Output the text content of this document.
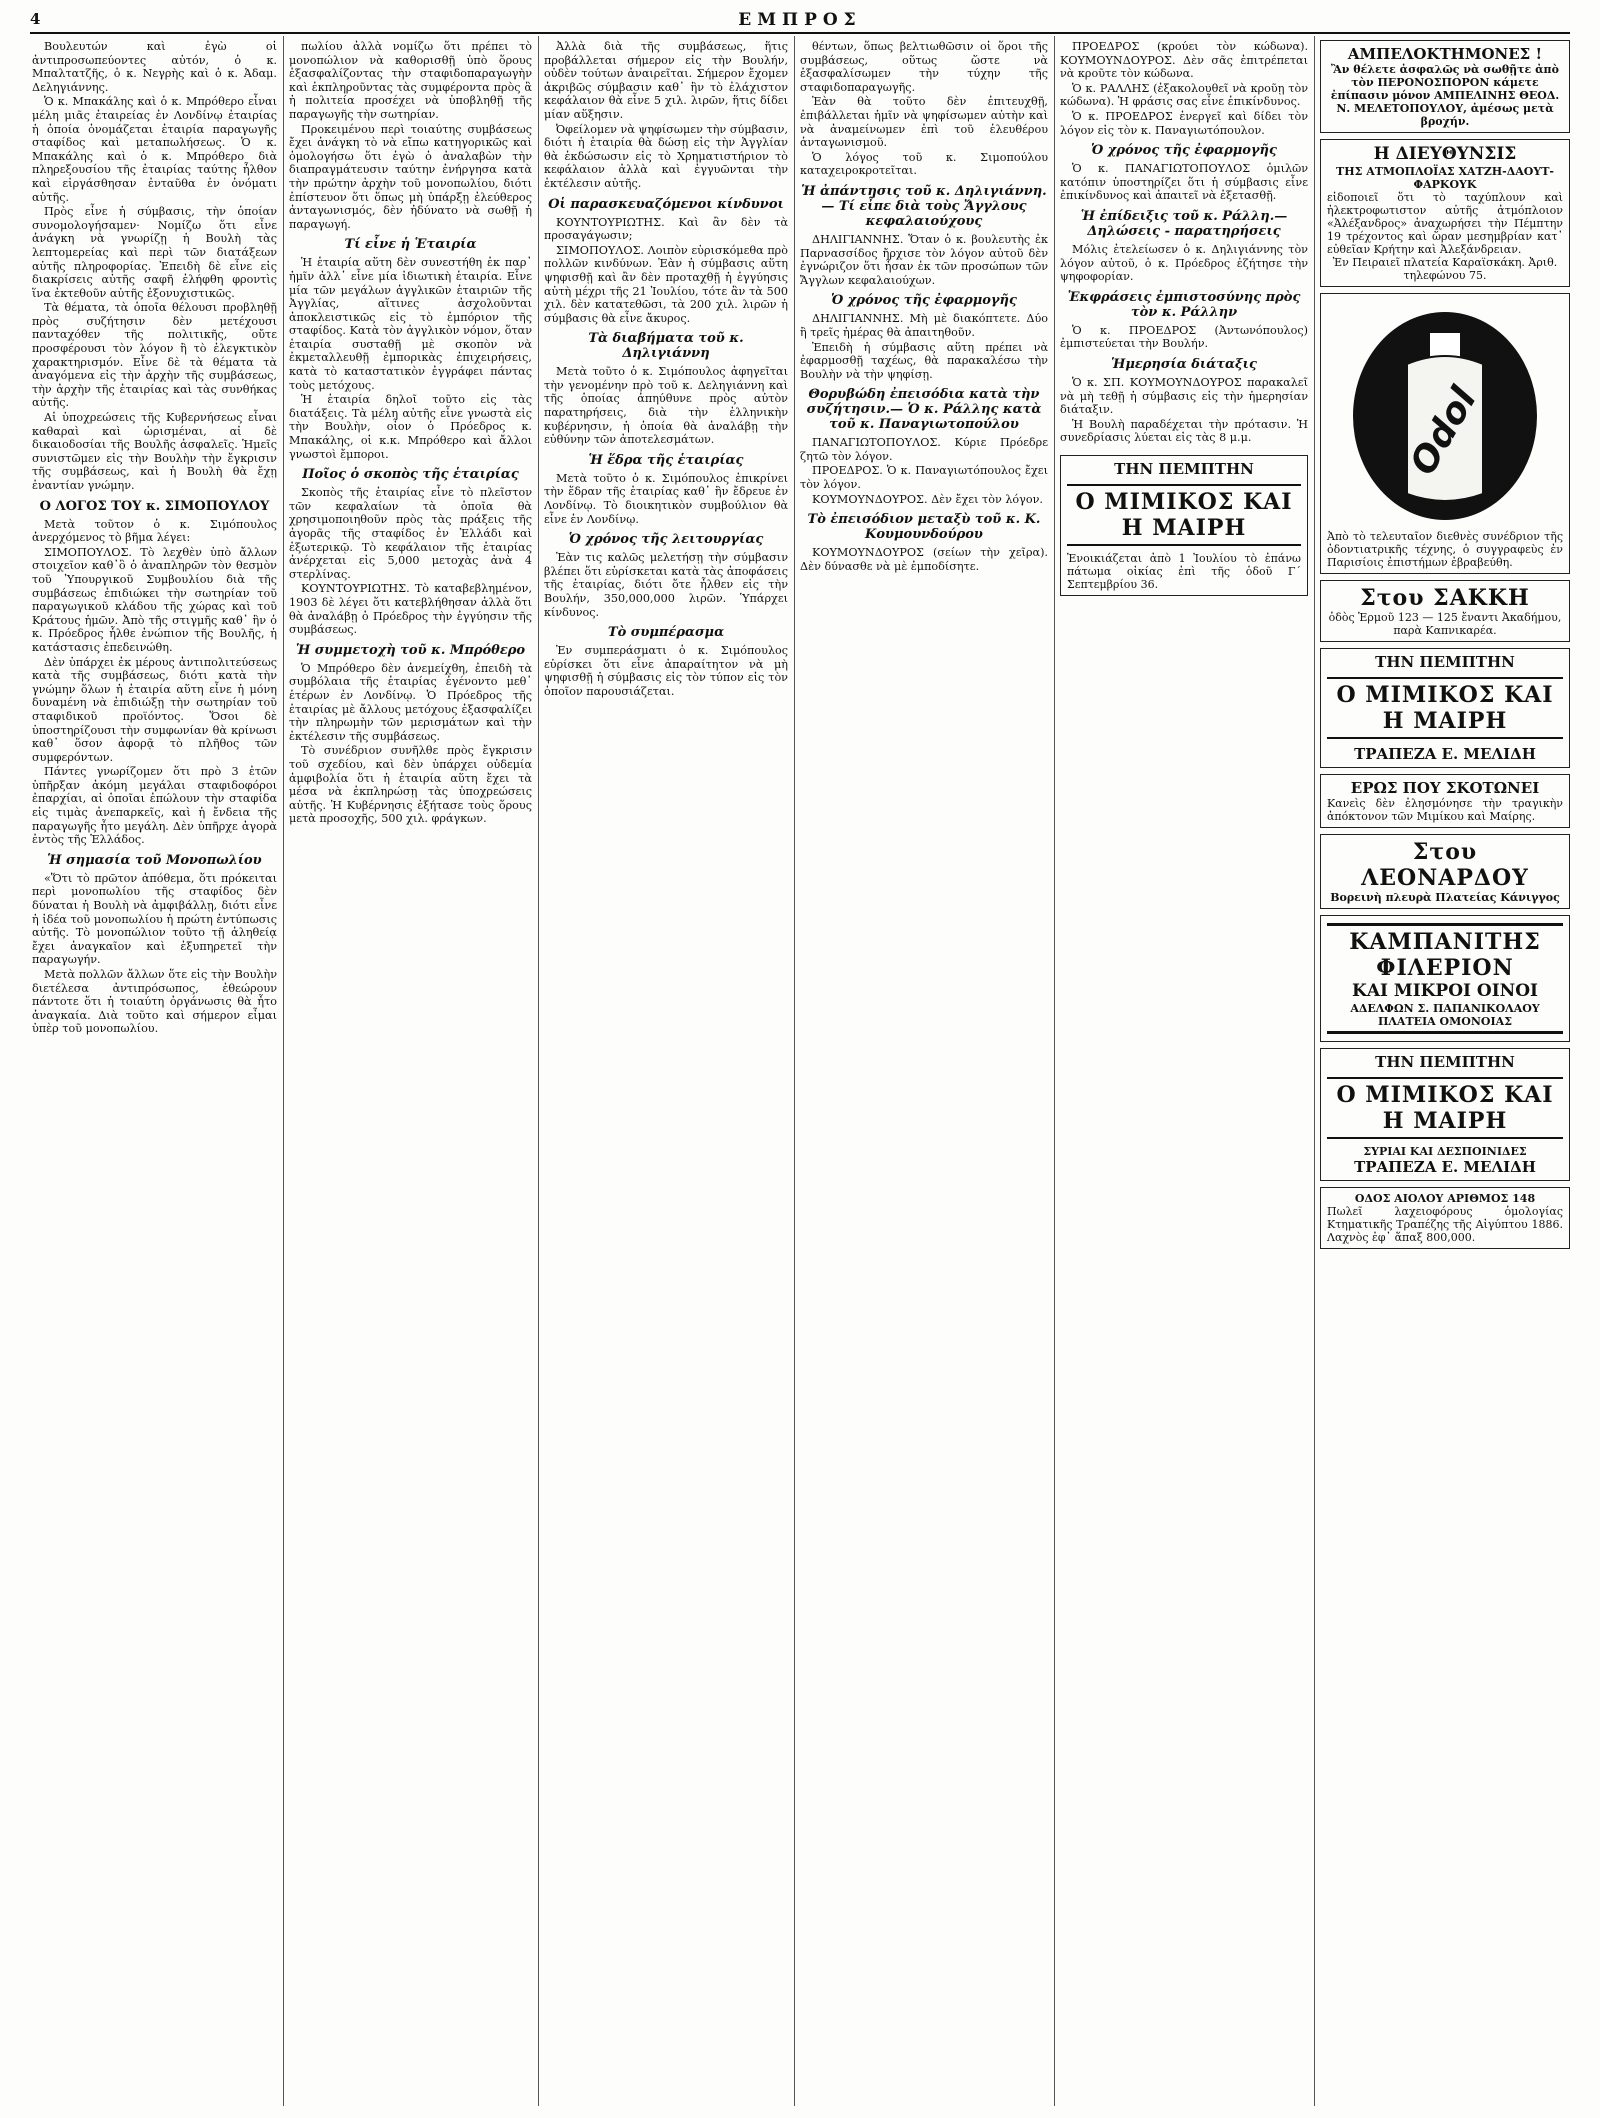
4	ΕΜΠΡΟΣ

Βουλευτών καὶ ἐγὼ οἱ ἀντιπροσωπεύοντες αὐτόν, ὁ κ. Μπαλτατζῆς, ὁ κ. Νεγρὴς καὶ ὁ κ. Ἀδαμ. Δεληγιάννης.

Ὁ κ. Μπακάλης καὶ ὁ κ. Μπρόθερο εἶναι μέλη μιᾶς ἐταιρείας ἐν Λονδίνῳ ἐταιρίας ἡ ὁποία ὀνομάζεται ἐταιρία παραγωγῆς σταφίδος καὶ μεταπωλήσεως. Ὁ κ. Μπακάλης καὶ ὁ κ. Μπρόθερο διὰ πληρεξουσίου τῆς ἐταιρίας ταύτης ἦλθον καὶ εἰργάσθησαν ἐνταῦθα ἐν ὀνόματι αὐτῆς.

Πρὸς εἶνε ἡ σύμβασις, τὴν ὁποίαν συνομολογήσαμεν· Νομίζω ὅτι εἶνε ἀνάγκη νὰ γνωρίζῃ ἡ Βουλὴ τὰς λεπτομερείας καὶ περὶ τῶν διατάξεων αὐτῆς πληροφορίας. Ἐπειδὴ δὲ εἶνε εἰς διακρίσεις αὐτῆς σαφῆ ἐλήφθη φροντὶς ἵνα ἐκτεθοῦν αὐτῆς ἐξονυχιστικῶς.

Τὰ θέματα, τὰ ὁποῖα θέλουσι προβληθῇ πρὸς συζήτησιν δὲν μετέχουσι πανταχόθεν τῆς πολιτικῆς, οὔτε προσφέρουσι τὸν λόγον ἢ τὸ ἐλεγκτικὸν χαρακτηρισμόν. Εἶνε δὲ τὰ θέματα τὰ ἀναγόμενα εἰς τὴν ἀρχὴν τῆς συμβάσεως, τὴν ἀρχὴν τῆς ἐταιρίας καὶ τὰς συνθήκας αὐτῆς.

Αἱ ὑποχρεώσεις τῆς Κυβερνήσεως εἶναι καθαραὶ καὶ ὡρισμέναι, αἱ δὲ δικαιοδοσίαι τῆς Βουλῆς ἀσφαλεῖς. Ἡμεῖς συνιστῶμεν εἰς τὴν Βουλὴν τὴν ἔγκρισιν τῆς συμβάσεως, καὶ ἡ Βουλὴ θὰ ἔχῃ ἐναντίαν γνώμην.

Ο ΛΟΓΟΣ ΤΟΥ κ. ΣΙΜΟΠΟΥΛΟΥ

Μετὰ τοῦτον ὁ κ. Σιμόπουλος ἀνερχόμενος τὸ βῆμα λέγει:

ΣΙΜΟΠΟΥΛΟΣ. Τὸ λεχθὲν ὑπὸ ἄλλων στοιχεῖον καθ᾽ὃ ὁ ἀναπληρῶν τὸν θεσμὸν τοῦ Ὑπουργικοῦ Συμβουλίου διὰ τῆς συμβάσεως ἐπιδιώκει τὴν σωτηρίαν τοῦ παραγωγικοῦ κλάδου τῆς χώρας καὶ τοῦ Κράτους ἡμῶν. Ἀπὸ τῆς στιγμῆς καθ᾽ ἣν ὁ κ. Πρόεδρος ἦλθε ἐνώπιον τῆς Βουλῆς, ἡ κατάστασις ἐπεδεινώθη.

Δὲν ὑπάρχει ἐκ μέρους ἀντιπολιτεύσεως κατὰ τῆς συμβάσεως, διότι κατὰ τὴν γνώμην ὅλων ἡ ἐταιρία αὕτη εἶνε ἡ μόνη δυναμένη νὰ ἐπιδιώξῃ τὴν σωτηρίαν τοῦ σταφιδικοῦ προϊόντος. Ὅσοι δὲ ὑποστηρίζουσι τὴν συμφωνίαν θὰ κρίνωσι καθ᾽ ὅσον ἀφορᾷ τὸ πλῆθος τῶν συμφερόντων.

Πάντες γνωρίζομεν ὅτι πρὸ 3 ἐτῶν ὑπῆρξαν ἀκόμη μεγάλαι σταφιδοφόροι ἐπαρχίαι, αἱ ὁποῖαι ἐπώλουν τὴν σταφίδα εἰς τιμὰς ἀνεπαρκεῖς, καὶ ἡ ἔνδεια τῆς παραγωγῆς ἦτο μεγάλη. Δὲν ὑπῆρχε ἀγορὰ ἐντὸς τῆς Ἑλλάδος.

Ἡ σημασία τοῦ Μονοπωλίου

«Ὅτι τὸ πρῶτον ἀπόθεμα, ὅτι πρόκειται περὶ μονοπωλίου τῆς σταφίδος δὲν δύναται ἡ Βουλὴ νὰ ἀμφιβάλλῃ, διότι εἶνε ἡ ἰδέα τοῦ μονοπωλίου ἡ πρώτη ἐντύπωσις αὐτῆς. Τὸ μονοπώλιον τοῦτο τῇ ἀληθείᾳ ἔχει ἀναγκαῖον καὶ ἐξυπηρετεῖ τὴν παραγωγήν.

Μετὰ πολλῶν ἄλλων ὅτε εἰς τὴν Βουλὴν διετέλεσα ἀντιπρόσωπος, ἐθεώρουν πάντοτε ὅτι ἡ τοιαύτη ὀργάνωσις θὰ ἦτο ἀναγκαία. Διὰ τοῦτο καὶ σήμερον εἶμαι ὑπὲρ τοῦ μονοπωλίου.

πωλίου ἀλλὰ νομίζω ὅτι πρέπει τὸ μονοπώλιον νὰ καθορισθῇ ὑπὸ ὅρους ἐξασφαλίζοντας τὴν σταφιδοπαραγωγὴν καὶ ἐκπληροῦντας τὰς συμφέροντα πρὸς ἃ ἡ πολιτεία προσέχει νὰ ὑποβληθῇ τῆς παραγωγῆς τὴν σωτηρίαν.

Προκειμένου περὶ τοιαύτης συμβάσεως ἔχει ἀνάγκη τὸ νὰ εἴπω κατηγορικῶς καὶ ὁμολογήσω ὅτι ἐγὼ ὁ ἀναλαβὼν τὴν διαπραγμάτευσιν ταύτην ἐνήργησα κατὰ τὴν πρώτην ἀρχὴν τοῦ μονοπωλίου, διότι ἐπίστευον ὅτι ὅπως μὴ ὑπάρξῃ ἐλεύθερος ἀνταγωνισμός, δὲν ἠδύνατο νὰ σωθῇ ἡ παραγωγή.

Τί εἶνε ἡ Ἑταιρία

Ἡ ἑταιρία αὕτη δὲν συνεστήθη ἐκ παρ᾽ ἡμῖν ἀλλ᾽ εἶνε μία ἰδιωτικὴ ἑταιρία. Εἶνε μία τῶν μεγάλων ἀγγλικῶν ἑταιριῶν τῆς Ἀγγλίας, αἵτινες ἀσχολοῦνται ἀποκλειστικῶς εἰς τὸ ἐμπόριον τῆς σταφίδος. Κατὰ τὸν ἀγγλικὸν νόμον, ὅταν ἐταιρία συσταθῇ μὲ σκοπὸν νὰ ἐκμεταλλευθῇ ἐμπορικὰς ἐπιχειρήσεις, κατὰ τὸ καταστατικὸν ἐγγράφει πάντας τοὺς μετόχους.

Ἡ ἑταιρία δηλοῖ τοῦτο εἰς τὰς διατάξεις. Τὰ μέλη αὐτῆς εἶνε γνωστὰ εἰς τὴν Βουλὴν, οἷον ὁ Πρόεδρος κ. Μπακάλης, οἱ κ.κ. Μπρόθερο καὶ ἄλλοι γνωστοὶ ἔμποροι.

Ποῖος ὁ σκοπὸς τῆς ἑταιρίας

Σκοπὸς τῆς ἑταιρίας εἶνε τὸ πλεῖστον τῶν κεφαλαίων τὰ ὁποῖα θὰ χρησιμοποιηθοῦν πρὸς τὰς πράξεις τῆς ἀγορᾶς τῆς σταφίδος ἐν Ἑλλάδι καὶ ἐξωτερικῷ. Τὸ κεφάλαιον τῆς ἑταιρίας ἀνέρχεται εἰς 5,000 μετοχὰς ἀνὰ 4 στερλίνας.

ΚΟΥΝΤΟΥΡΙΩΤΗΣ. Τὸ καταβεβλημένον, 1903 δὲ λέγει ὅτι κατεβλήθησαν ἀλλὰ ὅτι θὰ ἀναλάβῃ ὁ Πρόεδρος τὴν ἐγγύησιν τῆς συμβάσεως.

Ἡ συμμετοχὴ τοῦ κ. Μπρόθερο

Ὁ Μπρόθερο δὲν ἀνεμείχθη, ἐπειδὴ τὰ συμβόλαια τῆς ἐταιρίας ἐγένοντο μεθ᾽ ἑτέρων ἐν Λονδίνῳ. Ὁ Πρόεδρος τῆς ἐταιρίας μὲ ἄλλους μετόχους ἐξασφαλίζει τὴν πληρωμὴν τῶν μερισμάτων καὶ τὴν ἐκτέλεσιν τῆς συμβάσεως.

Τὸ συνέδριον συνῆλθε πρὸς ἔγκρισιν τοῦ σχεδίου, καὶ δὲν ὑπάρχει οὐδεμία ἀμφιβολία ὅτι ἡ ἑταιρία αὕτη ἔχει τὰ μέσα νὰ ἐκπληρώσῃ τὰς ὑποχρεώσεις αὐτῆς. Ἡ Κυβέρνησις ἐξήτασε τοὺς ὅρους μετὰ προσοχῆς, 500 χιλ. φράγκων.

Ἀλλὰ διὰ τῆς συμβάσεως, ἥτις προβάλλεται σήμερον εἰς τὴν Βουλήν, οὐδὲν τούτων ἀναιρεῖται. Σήμερον ἔχομεν ἀκριβῶς σύμβασιν καθ᾽ ἣν τὸ ἐλάχιστον κεφάλαιον θὰ εἶνε 5 χιλ. λιρῶν, ἥτις δίδει μίαν αὕξησιν.

Ὀφείλομεν νὰ ψηφίσωμεν τὴν σύμβασιν, διότι ἡ ἑταιρία θὰ δώσῃ εἰς τὴν Ἀγγλίαν θὰ ἐκδώσωσιν εἰς τὸ Χρηματιστήριον τὸ κεφάλαιον ἀλλὰ καὶ ἐγγυῶνται τὴν ἐκτέλεσιν αὐτῆς.

Οἱ παρασκευαζόμενοι κίνδυνοι

ΚΟΥΝΤΟΥΡΙΩΤΗΣ. Καὶ ἂν δὲν τὰ προσαγάγωσιν;

ΣΙΜΟΠΟΥΛΟΣ. Λοιπὸν εὑρισκόμεθα πρὸ πολλῶν κινδύνων. Ἐὰν ἡ σύμβασις αὕτη ψηφισθῇ καὶ ἂν δὲν προταχθῇ ἡ ἐγγύησις αὐτὴ μέχρι τῆς 21 Ἰουλίου, τότε ἂν τὰ 500 χιλ. δὲν κατατεθῶσι, τὰ 200 χιλ. λιρῶν ἡ σύμβασις θὰ εἶνε ἄκυρος.

Τὰ διαβήματα τοῦ κ. Δηλιγιάννη

Μετὰ τοῦτο ὁ κ. Σιμόπουλος ἀφηγεῖται τὴν γενομένην πρὸ τοῦ κ. Δεληγιάννη καὶ τῆς ὁποίας ἀπηύθυνε πρὸς αὐτὸν παρατηρήσεις, διὰ τὴν ἑλληνικὴν κυβέρνησιν, ἡ ὁποία θὰ ἀναλάβῃ τὴν εὐθύνην τῶν ἀποτελεσμάτων.

Ἡ ἕδρα τῆς ἑταιρίας

Μετὰ τοῦτο ὁ κ. Σιμόπουλος ἐπικρίνει τὴν ἕδραν τῆς ἑταιρίας καθ᾽ ἣν ἔδρευε ἐν Λονδίνῳ. Τὸ διοικητικὸν συμβούλιον θὰ εἶνε ἐν Λονδίνῳ.

Ὁ χρόνος τῆς λειτουργίας

Ἐὰν τις καλῶς μελετήσῃ τὴν σύμβασιν βλέπει ὅτι εὑρίσκεται κατὰ τὰς ἀποφάσεις τῆς ἑταιρίας, διότι ὅτε ἦλθεν εἰς τὴν Βουλήν, 350,000,000 λιρῶν. Ὑπάρχει κίνδυνος.

Τὸ συμπέρασμα

Ἐν συμπεράσματι ὁ κ. Σιμόπουλος εὑρίσκει ὅτι εἶνε ἀπαραίτητον νὰ μὴ ψηφισθῇ ἡ σύμβασις εἰς τὸν τύπον εἰς τὸν ὁποῖον παρουσιάζεται.

θέντων, ὅπως βελτιωθῶσιν οἱ ὅροι τῆς συμβάσεως, οὕτως ὥστε νὰ ἐξασφαλίσωμεν τὴν τύχην τῆς σταφιδοπαραγωγῆς.

Ἐὰν θὰ τοῦτο δὲν ἐπιτευχθῇ, ἐπιβάλλεται ἡμῖν νὰ ψηφίσωμεν αὐτὴν καὶ νὰ ἀναμείνωμεν ἐπὶ τοῦ ἐλευθέρου ἀνταγωνισμοῦ.

Ὁ λόγος τοῦ κ. Σιμοπούλου καταχειροκροτεῖται.

Ἡ ἀπάντησις τοῦ κ. Δηλιγιάννη.— Τί εἶπε διὰ τοὺς Ἄγγλους κεφαλαιούχους

ΔΗΛΙΓΙΑΝΝΗΣ. Ὅταν ὁ κ. βουλευτὴς ἐκ Παρνασσίδος ἤρχισε τὸν λόγον αὐτοῦ δὲν ἐγνώριζον ὅτι ἦσαν ἐκ τῶν προσώπων τῶν Ἄγγλων κεφαλαιούχων.

Ὁ χρόνος τῆς ἐφαρμογῆς

ΔΗΛΙΓΙΑΝΝΗΣ. Μὴ μὲ διακόπτετε. Δύο ἢ τρεῖς ἡμέρας θὰ ἀπαιτηθοῦν.

Ἐπειδὴ ἡ σύμβασις αὕτη πρέπει νὰ ἐφαρμοσθῇ ταχέως, θὰ παρακαλέσω τὴν Βουλὴν νὰ τὴν ψηφίσῃ.

Θορυβώδη ἐπεισόδια κατὰ τὴν συζήτησιν.— Ὁ κ. Ράλλης κατὰ τοῦ κ. Παναγιωτοπούλου

ΠΑΝΑΓΙΩΤΟΠΟΥΛΟΣ. Κύριε Πρόεδρε ζητῶ τὸν λόγον.

ΠΡΟΕΔΡΟΣ. Ὁ κ. Παναγιωτόπουλος ἔχει τὸν λόγον.

ΚΟΥΜΟΥΝΔΟΥΡΟΣ. Δὲν ἔχει τὸν λόγον.

Τὸ ἐπεισόδιον μεταξὺ τοῦ κ. Κ. Κουμουνδούρου

ΚΟΥΜΟΥΝΔΟΥΡΟΣ (σείων τὴν χεῖρα). Δὲν δύνασθε νὰ μὲ ἐμποδίσητε.

ΠΡΟΕΔΡΟΣ (κρούει τὸν κώδωνα). ΚΟΥΜΟΥΝΔΟΥΡΟΣ. Δὲν σᾶς ἐπιτρέπεται νὰ κροῦτε τὸν κώδωνα.

Ὁ κ. ΡΑΛΛΗΣ (ἐξακολουθεῖ νὰ κροῦῃ τὸν κώδωνα). Ἡ φράσις σας εἶνε ἐπικίνδυνος.

Ὁ κ. ΠΡΟΕΔΡΟΣ ἐνεργεῖ καὶ δίδει τὸν λόγον εἰς τὸν κ. Παναγιωτόπουλον.

Ὁ χρόνος τῆς ἐφαρμογῆς

Ὁ κ. ΠΑΝΑΓΙΩΤΟΠΟΥΛΟΣ ὁμιλῶν κατόπιν ὑποστηρίζει ὅτι ἡ σύμβασις εἶνε ἐπικίνδυνος καὶ ἀπαιτεῖ νὰ ἐξετασθῇ.

Ἡ ἐπίδειξις τοῦ κ. Ράλλη.— Δηλώσεις - παρατηρήσεις

Μόλις ἐτελείωσεν ὁ κ. Δηλιγιάννης τὸν λόγον αὐτοῦ, ὁ κ. Πρόεδρος ἐζήτησε τὴν ψηφοφορίαν.

Ἐκφράσεις ἐμπιστοσύνης πρὸς τὸν κ. Ράλλην

Ὁ κ. ΠΡΟΕΔΡΟΣ (Ἀντωνόπουλος) ἐμπιστεύεται τὴν Βουλήν.

Ἡμερησία διάταξις

Ὁ κ. ΣΠ. ΚΟΥΜΟΥΝΔΟΥΡΟΣ παρακαλεῖ νὰ μὴ τεθῇ ἡ σύμβασις εἰς τὴν ἡμερησίαν διάταξιν.

Ἡ Βουλὴ παραδέχεται τὴν πρότασιν. Ἡ συνεδρίασις λύεται εἰς τὰς 8 μ.μ.

ΤΗΝ ΠΕΜΠΤΗΝ
Ο ΜΙΜΙΚΟΣ ΚΑΙ Η ΜΑΙΡΗ
Ἐνοικιάζεται ἀπὸ 1 Ἰουλίου τὸ ἐπάνω πάτωμα οἰκίας ἐπὶ τῆς ὁδοῦ Γ΄ Σεπτεμβρίου 36.
ΑΜΠΕΛΟΚΤΗΜΟΝΕΣ !
Ἂν θέλετε ἀσφαλῶς νὰ σωθῇτε ἀπὸ τὸν ΠΕΡΟΝΟΣΠΟΡΟΝ κάμετε ἐπίπασιν μόνον ΑΜΠΕΛΙΝΗΣ ΘΕΟΔ. Ν. ΜΕΛΕΤΟΠΟΥΛΟΥ, ἀμέσως μετὰ βροχήν.
Η ΔΙΕΥΘΥΝΣΙΣ
ΤΗΣ ΑΤΜΟΠΛΟΪΑΣ ΧΑΤΖΗ-ΔΑΟΥΤ-ΦΑΡΚΟΥΚ
εἰδοποιεῖ ὅτι τὸ ταχύπλουν καὶ ἠλεκτροφωτιστον αὐτῆς ἀτμόπλοιον «Ἀλέξανδρος» ἀναχωρήσει τὴν Πέμπτην 19 τρέχοντος καὶ ὥραν μεσημβρίαν κατ᾽ εὐθεῖαν Κρήτην καὶ Ἀλεξάνδρειαν.
Ἐν Πειραιεῖ πλατεία Καραϊσκάκη. Ἀριθ. τηλεφώνου 75.
Odol
Ἀπὸ τὸ τελευταῖον διεθνὲς συνέδριον τῆς ὀδοντιατρικῆς τέχνης, ὁ συγγραφεὺς ἐν Παρισίοις ἐπιστήμων ἐβραβεύθη.
Στου ΣΑΚΚΗ
ὁδὸς Ἑρμοῦ 123 — 125 ἔναντι Ἀκαδήμου, παρὰ Καπνικαρέα.
ΤΗΝ ΠΕΜΠΤΗΝ
Ο ΜΙΜΙΚΟΣ ΚΑΙ Η ΜΑΙΡΗ
ΤΡΑΠΕΖΑ Ε. ΜΕΛΙΔΗ
ΕΡΩΣ ΠΟΥ ΣΚΟΤΩΝΕΙ
Κανεὶς δὲν ἐλησμόνησε τὴν τραγικὴν ἀπόκτονον τῶν Μιμίκου καὶ Μαίρης.
Στου ΛΕΟΝΑΡΔΟΥ
Βορεινὴ πλευρὰ Πλατείας Κάνιγγος
ΚΑΜΠΑΝΙΤΗΣ
ΦΙΛΕΡΙΟΝ
ΚΑΙ ΜΙΚΡΟΙ ΟΙΝΟΙ
ΑΔΕΛΦΩΝ Σ. ΠΑΠΑΝΙΚΟΛΑΟΥ
ΠΛΑΤΕΙΑ ΟΜΟΝΟΙΑΣ
ΤΗΝ ΠΕΜΠΤΗΝ
Ο ΜΙΜΙΚΟΣ ΚΑΙ Η ΜΑΙΡΗ
ΣΥΡΙΑΙ ΚΑΙ ΔΕΣΠΟΙΝΙΔΕΣ
ΤΡΑΠΕΖΑ Ε. ΜΕΛΙΔΗ
ΟΔΟΣ ΑΙΟΛΟΥ ΑΡΙΘΜΟΣ 148
Πωλεῖ λαχειοφόρους ὁμολογίας Κτηματικῆς Τραπέζης τῆς Αἰγύπτου 1886. Λαχνὸς ἐφ᾽ ἅπαξ 800,000.
